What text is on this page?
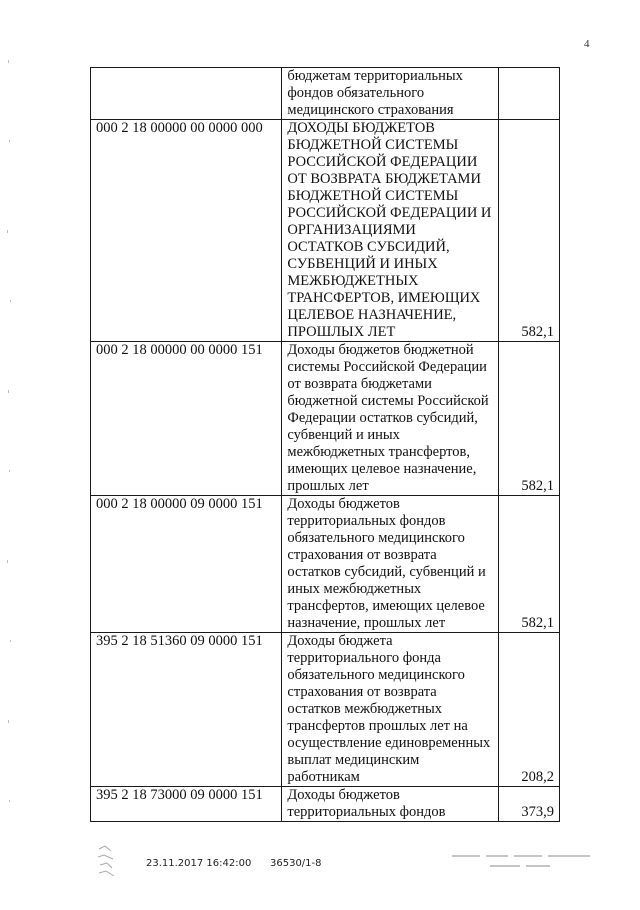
4
	бюджетам территориальных фондов обязательного медицинского страхования	
000 2 18 00000 00 0000 000	ДОХОДЫ БЮДЖЕТОВ БЮДЖЕТНОЙ СИСТЕМЫ РОССИЙСКОЙ ФЕДЕРАЦИИ ОТ ВОЗВРАТА БЮДЖЕТАМИ БЮДЖЕТНОЙ СИСТЕМЫ РОССИЙСКОЙ ФЕДЕРАЦИИ И ОРГАНИЗАЦИЯМИ ОСТАТКОВ СУБСИДИЙ, СУБВЕНЦИЙ И ИНЫХ МЕЖБЮДЖЕТНЫХ ТРАНСФЕРТОВ, ИМЕЮЩИХ ЦЕЛЕВОЕ НАЗНАЧЕНИЕ, ПРОШЛЫХ ЛЕТ	582,1
000 2 18 00000 00 0000 151	Доходы бюджетов бюджетной системы Российской Федерации от возврата бюджетами бюджетной системы Российской Федерации остатков субсидий, субвенций и иных межбюджетных трансфертов, имеющих целевое назначение, прошлых лет	582,1
000 2 18 00000 09 0000 151	Доходы бюджетов территориальных фондов обязательного медицинского страхования от возврата остатков субсидий, субвенций и иных межбюджетных трансфертов, имеющих целевое назначение, прошлых лет	582,1
395 2 18 51360 09 0000 151	Доходы бюджета территориального фонда обязательного медицинского страхования от возврата остатков межбюджетных трансфертов прошлых лет на осуществление единовременных выплат медицинским работникам	208,2
395 2 18 73000 09 0000 151	Доходы бюджетов территориальных фондов	373,9
23.11.2017 16:42:00 36530/1-8
